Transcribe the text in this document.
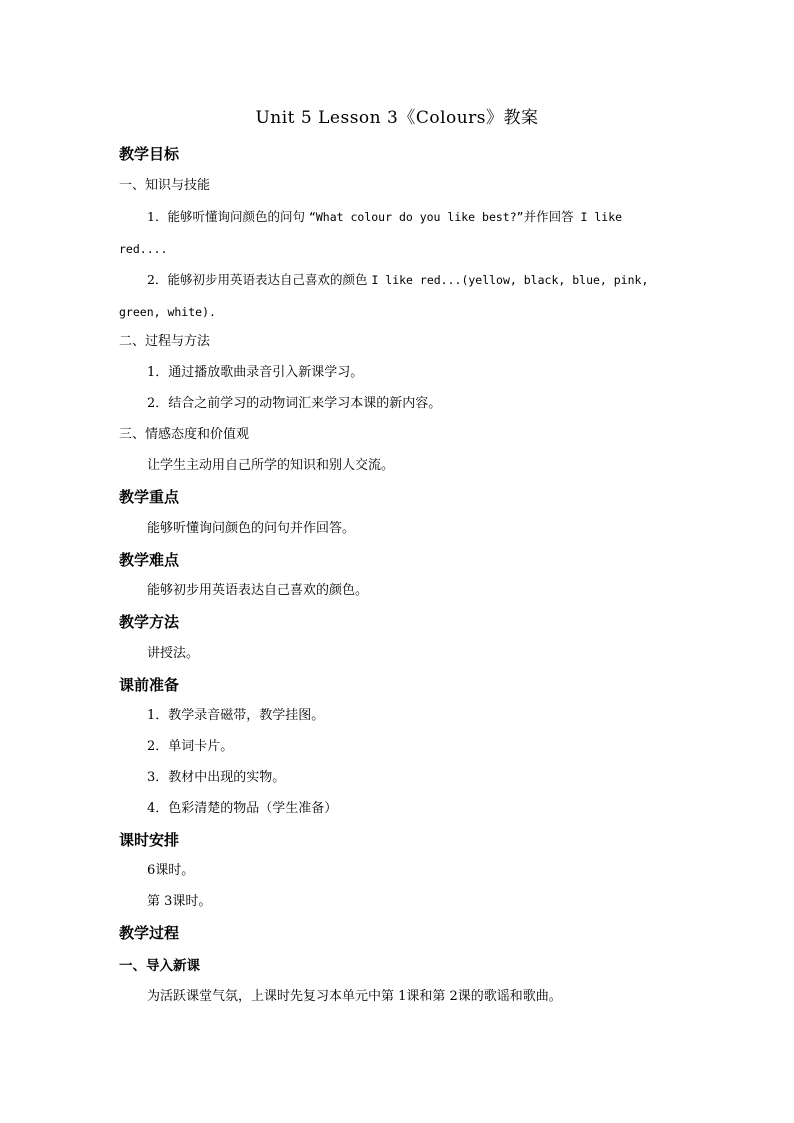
Unit 5 Lesson 3《Colours》教案
教学目标
一、知识与技能
1．能够听懂询问颜色的问句 “What colour do you like best?”并作回答 I like red....
2．能够初步用英语表达自己喜欢的颜色 I like red...(yellow, black, blue, pink, green, white).
二、过程与方法
1．通过播放歌曲录音引入新课学习。
2．结合之前学习的动物词汇来学习本课的新内容。
三、情感态度和价值观
让学生主动用自己所学的知识和别人交流。
教学重点
能够听懂询问颜色的问句并作回答。
教学难点
能够初步用英语表达自己喜欢的颜色。
教学方法
讲授法。
课前准备
1．教学录音磁带，教学挂图。
2．单词卡片。
3．教材中出现的实物。
4．色彩清楚的物品（学生准备）
课时安排
6课时。
第 3课时。
教学过程
一、导入新课
为活跃课堂气氛，上课时先复习本单元中第 1课和第 2课的歌谣和歌曲。
